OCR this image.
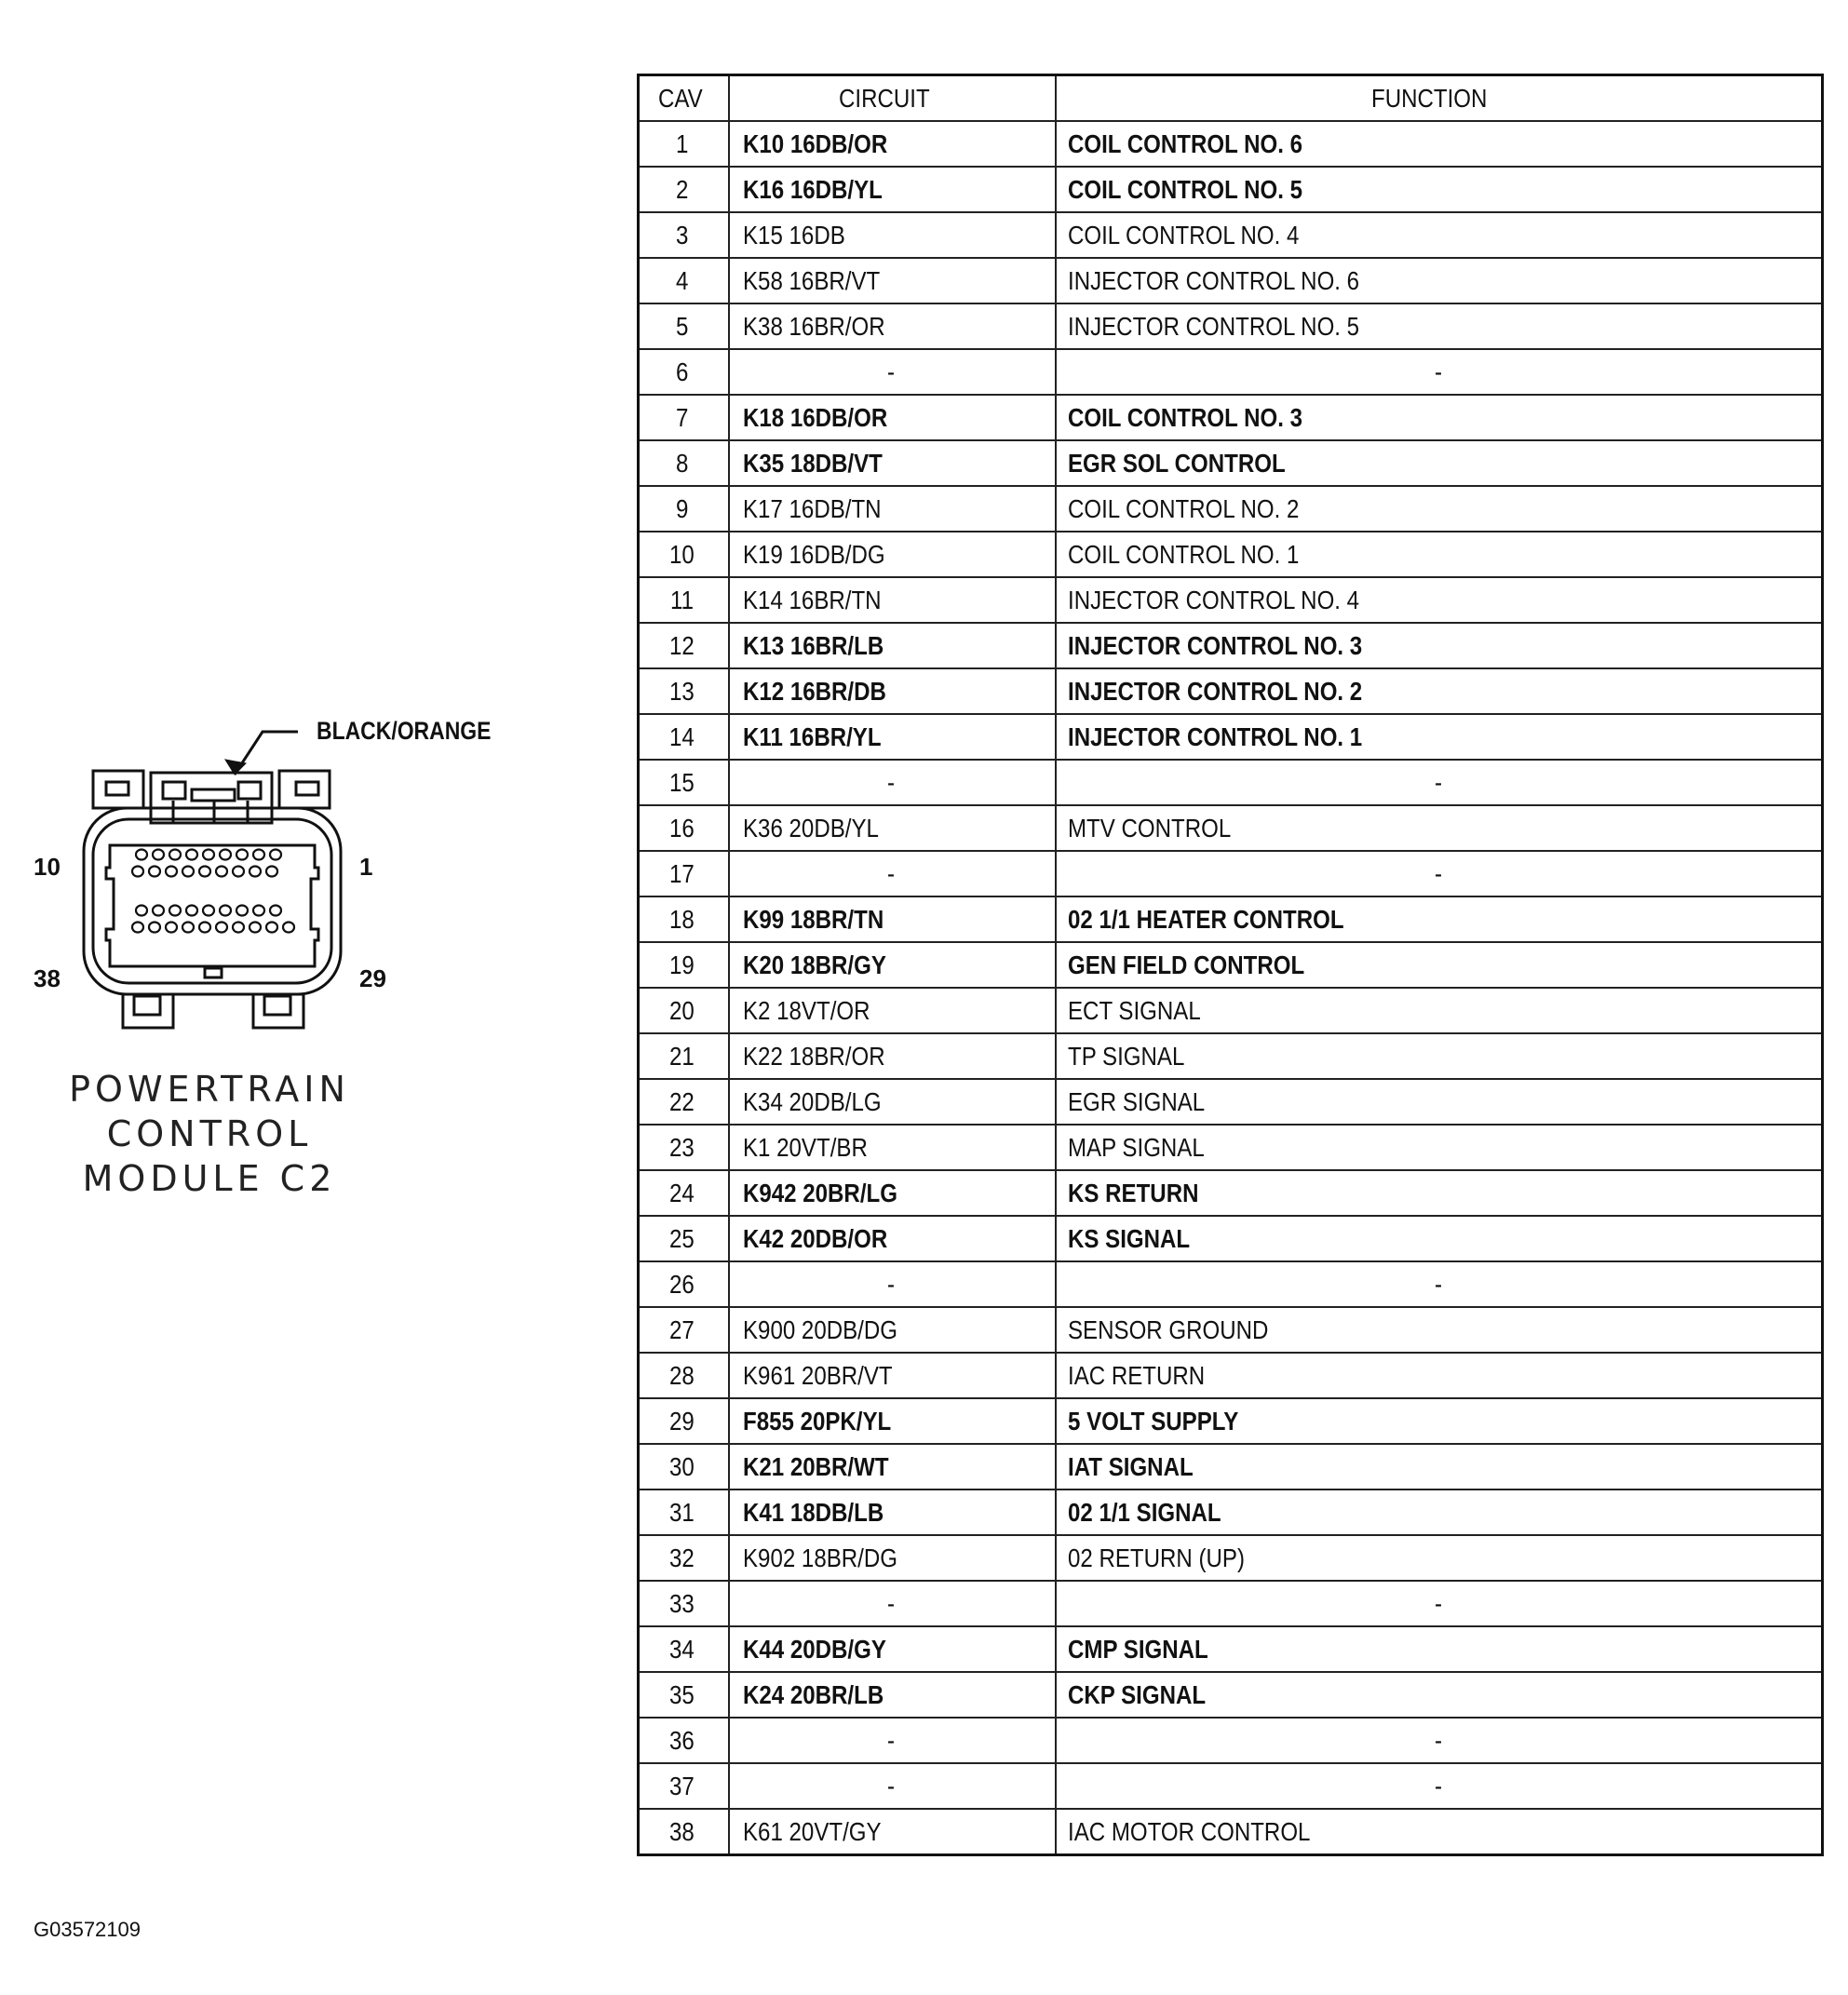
BLACK/ORANGE
10	1
38	29
POWERTRAIN
CONTROL
MODULE C2
CAV	CIRCUIT	FUNCTION
1	K10 16DB/OR	COIL CONTROL NO. 6
2	K16 16DB/YL	COIL CONTROL NO. 5
3	K15 16DB	COIL CONTROL NO. 4
4	K58 16BR/VT	INJECTOR CONTROL NO. 6
5	K38 16BR/OR	INJECTOR CONTROL NO. 5
6	-	-
7	K18 16DB/OR	COIL CONTROL NO. 3
8	K35 18DB/VT	EGR SOL CONTROL
9	K17 16DB/TN	COIL CONTROL NO. 2
10	K19 16DB/DG	COIL CONTROL NO. 1
11	K14 16BR/TN	INJECTOR CONTROL NO. 4
12	K13 16BR/LB	INJECTOR CONTROL NO. 3
13	K12 16BR/DB	INJECTOR CONTROL NO. 2
14	K11 16BR/YL	INJECTOR CONTROL NO. 1
15	-	-
16	K36 20DB/YL	MTV CONTROL
17	-	-
18	K99 18BR/TN	02 1/1 HEATER CONTROL
19	K20 18BR/GY	GEN FIELD CONTROL
20	K2 18VT/OR	ECT SIGNAL
21	K22 18BR/OR	TP SIGNAL
22	K34 20DB/LG	EGR SIGNAL
23	K1 20VT/BR	MAP SIGNAL
24	K942 20BR/LG	KS RETURN
25	K42 20DB/OR	KS SIGNAL
26	-	-
27	K900 20DB/DG	SENSOR GROUND
28	K961 20BR/VT	IAC RETURN
29	F855 20PK/YL	5 VOLT SUPPLY
30	K21 20BR/WT	IAT SIGNAL
31	K41 18DB/LB	02 1/1 SIGNAL
32	K902 18BR/DG	02 RETURN (UP)
33	-	-
34	K44 20DB/GY	CMP SIGNAL
35	K24 20BR/LB	CKP SIGNAL
36	-	-
37	-	-
38	K61 20VT/GY	IAC MOTOR CONTROL
G03572109
